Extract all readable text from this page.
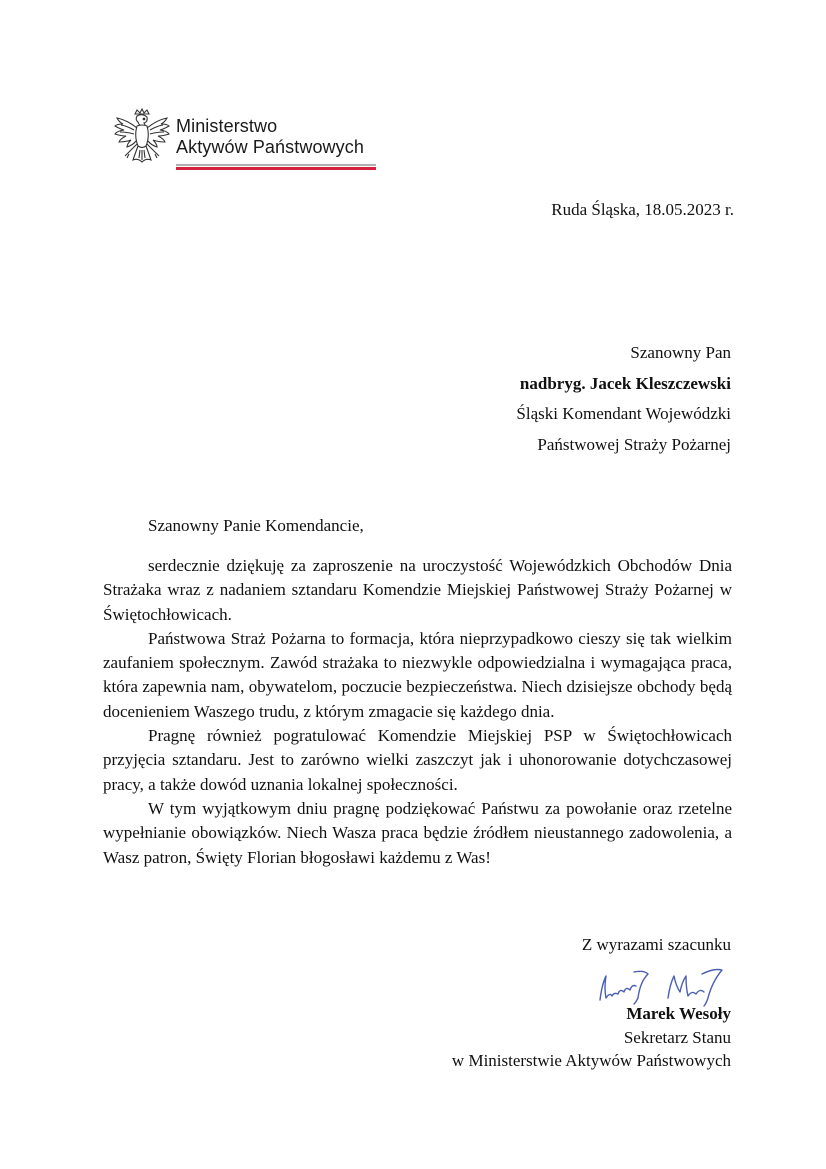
Ministerstwo
Aktywów Państwowych
Ruda Śląska, 18.05.2023 r.
Szanowny Pan
nadbryg. Jacek Kleszczewski
Śląski Komendant Wojewódzki
Państwowej Straży Pożarnej
Szanowny Panie Komendancie,

serdecznie dziękuję za zaproszenie na uroczystość Wojewódzkich Obchodów Dnia Strażaka wraz z nadaniem sztandaru Komendzie Miejskiej Państwowej Straży Pożarnej w Świętochłowicach.

Państwowa Straż Pożarna to formacja, która nieprzypadkowo cieszy się tak wielkim zaufaniem społecznym. Zawód strażaka to niezwykle odpowiedzialna i wymagająca praca, która zapewnia nam, obywatelom, poczucie bezpieczeństwa. Niech dzisiejsze obchody będą docenieniem Waszego trudu, z którym zmagacie się każdego dnia.

Pragnę również pogratulować Komendzie Miejskiej PSP w Świętochłowicach przyjęcia sztandaru. Jest to zarówno wielki zaszczyt jak i uhonorowanie dotychczasowej pracy, a także dowód uznania lokalnej społeczności.

W tym wyjątkowym dniu pragnę podziękować Państwu za powołanie oraz rzetelne wypełnianie obowiązków. Niech Wasza praca będzie źródłem nieustannego zadowolenia, a Wasz patron, Święty Florian błogosławi każdemu z Was!

Z wyrazami szacunku
Marek Wesoły
Sekretarz Stanu
w Ministerstwie Aktywów Państwowych
